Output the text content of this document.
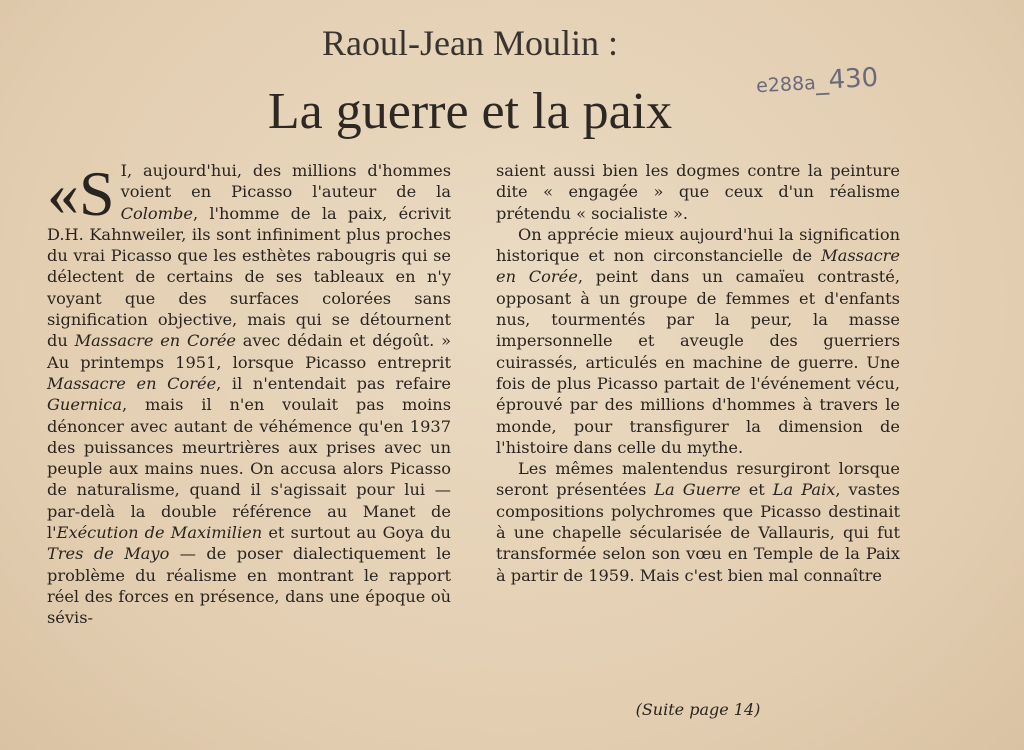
Raoul-Jean Moulin :
La guerre et la paix	e288a_430

«S I, aujourd'hui, des millions d'hommes voient en Picasso l'auteur de la Colombe, l'homme de la paix, écrivit D.H. Kahnweiler, ils sont infiniment plus proches du vrai Picasso que les esthètes rabougris qui se délectent de certains de ses tableaux en n'y voyant que des surfaces colorées sans signification objective, mais qui se détournent du Massacre en Corée avec dédain et dégoût. » Au printemps 1951, lorsque Picasso entreprit Massacre en Corée, il n'entendait pas refaire Guernica, mais il n'en voulait pas moins dénoncer avec autant de véhémence qu'en 1937 des puissances meurtrières aux prises avec un peuple aux mains nues. On accusa alors Picasso de naturalisme, quand il s'agissait pour lui — par-delà la double référence au Manet de l'Exécution de Maximilien et surtout au Goya du Tres de Mayo — de poser dialectiquement le problème du réalisme en montrant le rapport réel des forces en présence, dans une époque où sévis-

saient aussi bien les dogmes contre la peinture dite « engagée » que ceux d'un réalisme prétendu « socialiste ».

On apprécie mieux aujourd'hui la signification historique et non circonstancielle de Massacre en Corée, peint dans un camaïeu contrasté, opposant à un groupe de femmes et d'enfants nus, tourmentés par la peur, la masse impersonnelle et aveugle des guerriers cuirassés, articulés en machine de guerre. Une fois de plus Picasso partait de l'événement vécu, éprouvé par des millions d'hommes à travers le monde, pour transfigurer la dimension de l'histoire dans celle du mythe.

Les mêmes malentendus resurgiront lorsque seront présentées La Guerre et La Paix, vastes compositions polychromes que Picasso destinait à une chapelle sécularisée de Vallauris, qui fut transformée selon son vœu en Temple de la Paix à partir de 1959. Mais c'est bien mal connaître

(Suite page 14)
